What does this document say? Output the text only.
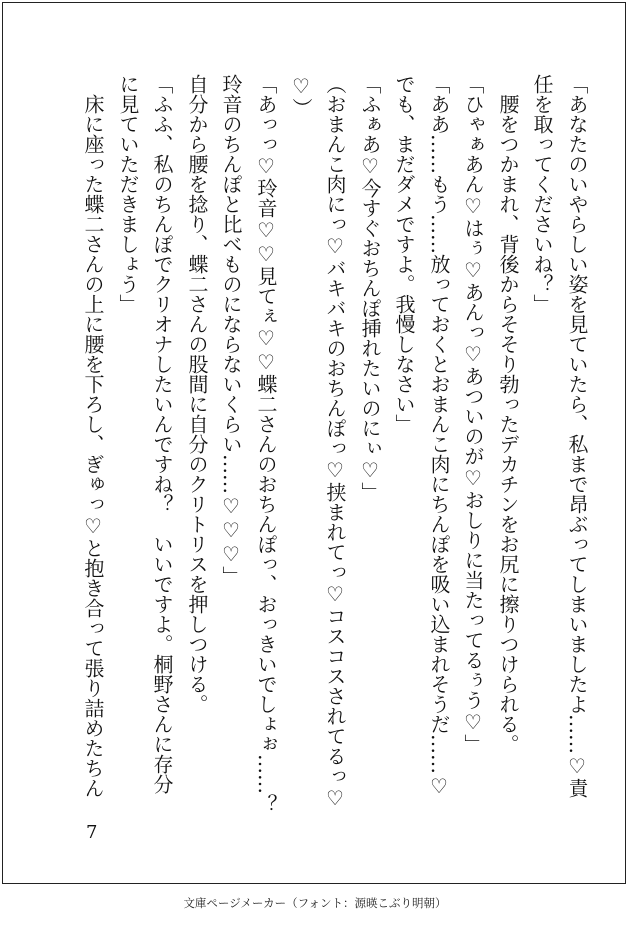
「あなたのいやらしい姿を見ていたら、私まで昂ぶってしまいましたよ……♡責
任を取ってくださいね？」
　腰をつかまれ、背後からそそり勃ったデカチンをお尻に擦りつけられる。
「ひゃぁあん♡はぅ♡あんっ♡あついのが♡おしりに当たってるぅう♡」
「ああ……もう……放っておくとおまんこ肉にちんぽを吸い込まれそうだ……♡
でも、まだダメですよ。我慢しなさい」
「ふぁあ♡今すぐおちんぽ挿れたいのにぃ♡」
（おまんこ肉にっ♡バキバキのおちんぽっ♡挟まれてっ♡コスコスされてるっ♡
♡）
「あっっ♡玲音♡♡見てぇ♡♡蝶二さんのおちんぽっ、おっきいでしょぉ……？
玲音のちんぽと比べものにならないくらい……♡♡♡」
自分から腰を捻り、蝶二さんの股間に自分のクリトリスを押しつける。
「ふふ、私のちんぽでクリオナしたいんですね？　いいですよ。桐野さんに存分
に見ていただきましょう」
　床に座った蝶二さんの上に腰を下ろし、ぎゅっ♡と抱き合って張り詰めたちん
7
文庫ページメーカー（フォント：源暎こぶり明朝）
